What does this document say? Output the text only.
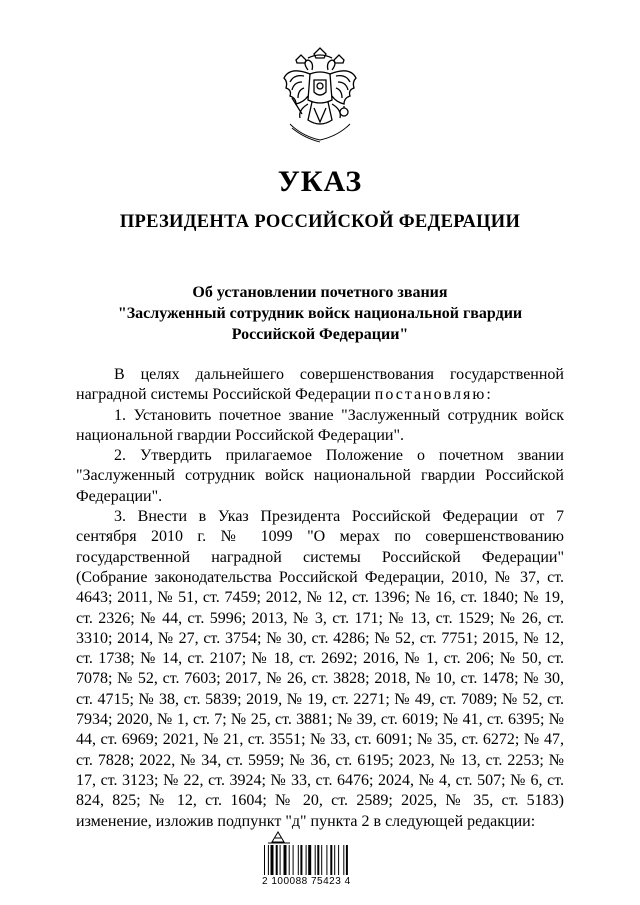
УКАЗ
ПРЕЗИДЕНТА РОССИЙСКОЙ ФЕДЕРАЦИИ
Об установлении почетного звания
"Заслуженный сотрудник войск национальной гвардии
Российской Федерации"

В целях дальнейшего совершенствования государственной наградной системы Российской Федерации постановляю:

1. Установить почетное звание "Заслуженный сотрудник войск национальной гвардии Российской Федерации".

2. Утвердить прилагаемое Положение о почетном звании "Заслуженный сотрудник войск национальной гвардии Российской Федерации".

3. Внести в Указ Президента Российской Федерации от 7 сентября 2010 г. № 1099 "О мерах по совершенствованию государственной наградной системы Российской Федерации" (Собрание законодательства Российской Федерации, 2010, № 37, ст. 4643; 2011, № 51, ст. 7459; 2012, № 12, ст. 1396; № 16, ст. 1840; № 19, ст. 2326; № 44, ст. 5996; 2013, № 3, ст. 171; № 13, ст. 1529; № 26, ст. 3310; 2014, № 27, ст. 3754; № 30, ст. 4286; № 52, ст. 7751; 2015, № 12, ст. 1738; № 14, ст. 2107; № 18, ст. 2692; 2016, № 1, ст. 206; № 50, ст. 7078; № 52, ст. 7603; 2017, № 26, ст. 3828; 2018, № 10, ст. 1478; № 30, ст. 4715; № 38, ст. 5839; 2019, № 19, ст. 2271; № 49, ст. 7089; № 52, ст. 7934; 2020, № 1, ст. 7; № 25, ст. 3881; № 39, ст. 6019; № 41, ст. 6395; № 44, ст. 6969; 2021, № 21, ст. 3551; № 33, ст. 6091; № 35, ст. 6272; № 47, ст. 7828; 2022, № 34, ст. 5959; № 36, ст. 6195; 2023, № 13, ст. 2253; № 17, ст. 3123; № 22, ст. 3924; № 33, ст. 6476; 2024, № 4, ст. 507; № 6, ст. 824, 825; № 12, ст. 1604; № 20, ст. 2589; 2025, № 35, ст. 5183) изменение, изложив подпункт "д" пункта 2 в следующей редакции:

2 100088 75423 4
